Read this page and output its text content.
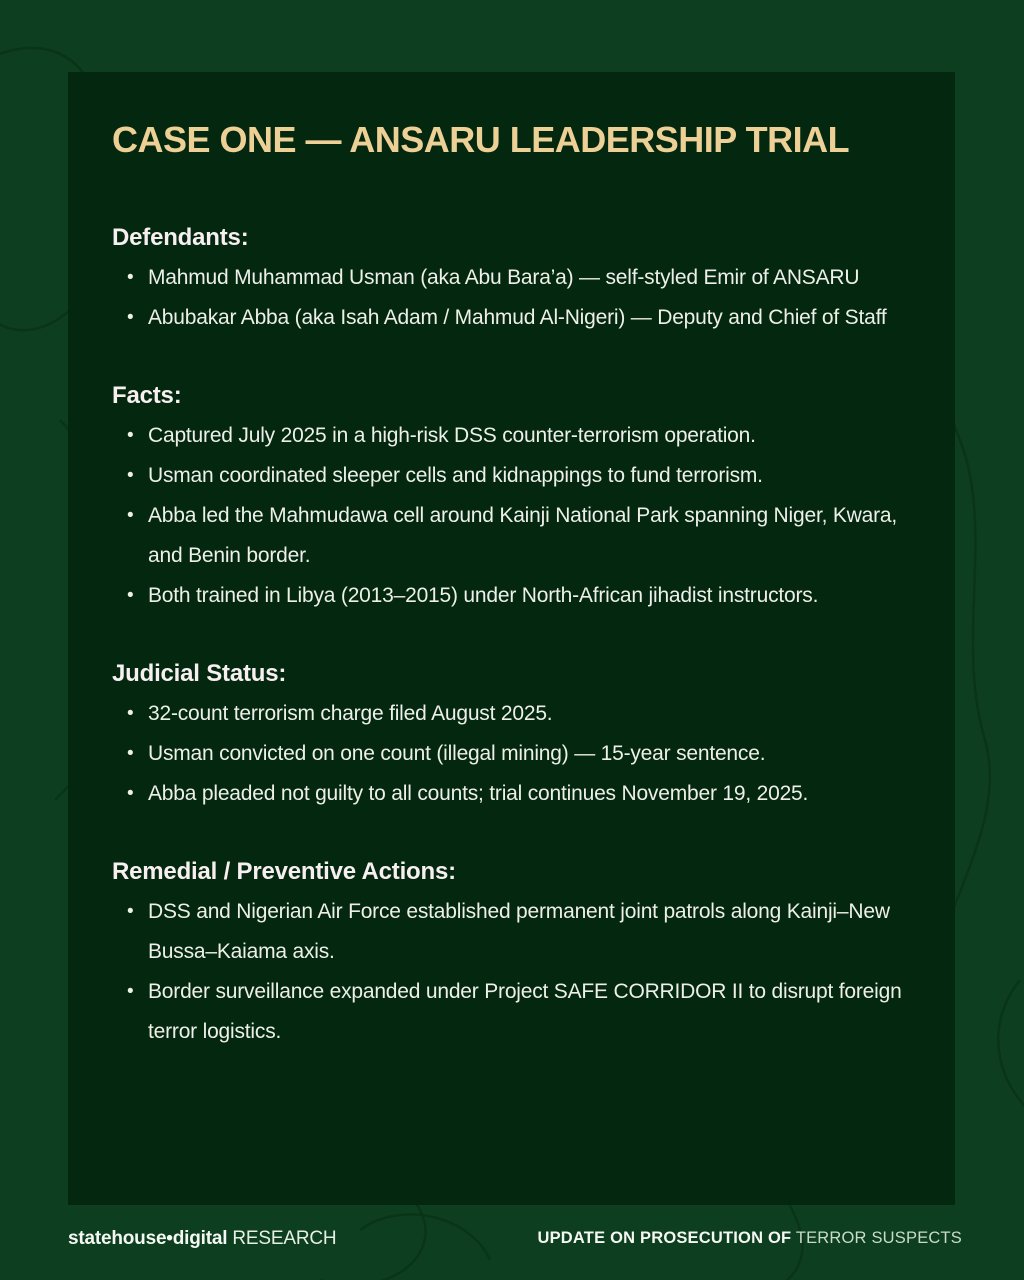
CASE ONE — ANSARU LEADERSHIP TRIAL
Defendants:
• Mahmud Muhammad Usman (aka Abu Bara’a) — self-styled Emir of ANSARU
• Abubakar Abba (aka Isah Adam / Mahmud Al-Nigeri) — Deputy and Chief of Staff
Facts:
• Captured July 2025 in a high-risk DSS counter-terrorism operation.
• Usman coordinated sleeper cells and kidnappings to fund terrorism.
• Abba led the Mahmudawa cell around Kainji National Park spanning Niger, Kwara, and Benin border.
• Both trained in Libya (2013–2015) under North-African jihadist instructors.
Judicial Status:
• 32-count terrorism charge filed August 2025.
• Usman convicted on one count (illegal mining) — 15-year sentence.
• Abba pleaded not guilty to all counts; trial continues November 19, 2025.
Remedial / Preventive Actions:
• DSS and Nigerian Air Force established permanent joint patrols along Kainji–New Bussa–Kaiama axis.
• Border surveillance expanded under Project SAFE CORRIDOR II to disrupt foreign terror logistics.
statehouse•digital RESEARCH	UPDATE ON PROSECUTION OF TERROR SUSPECTS
